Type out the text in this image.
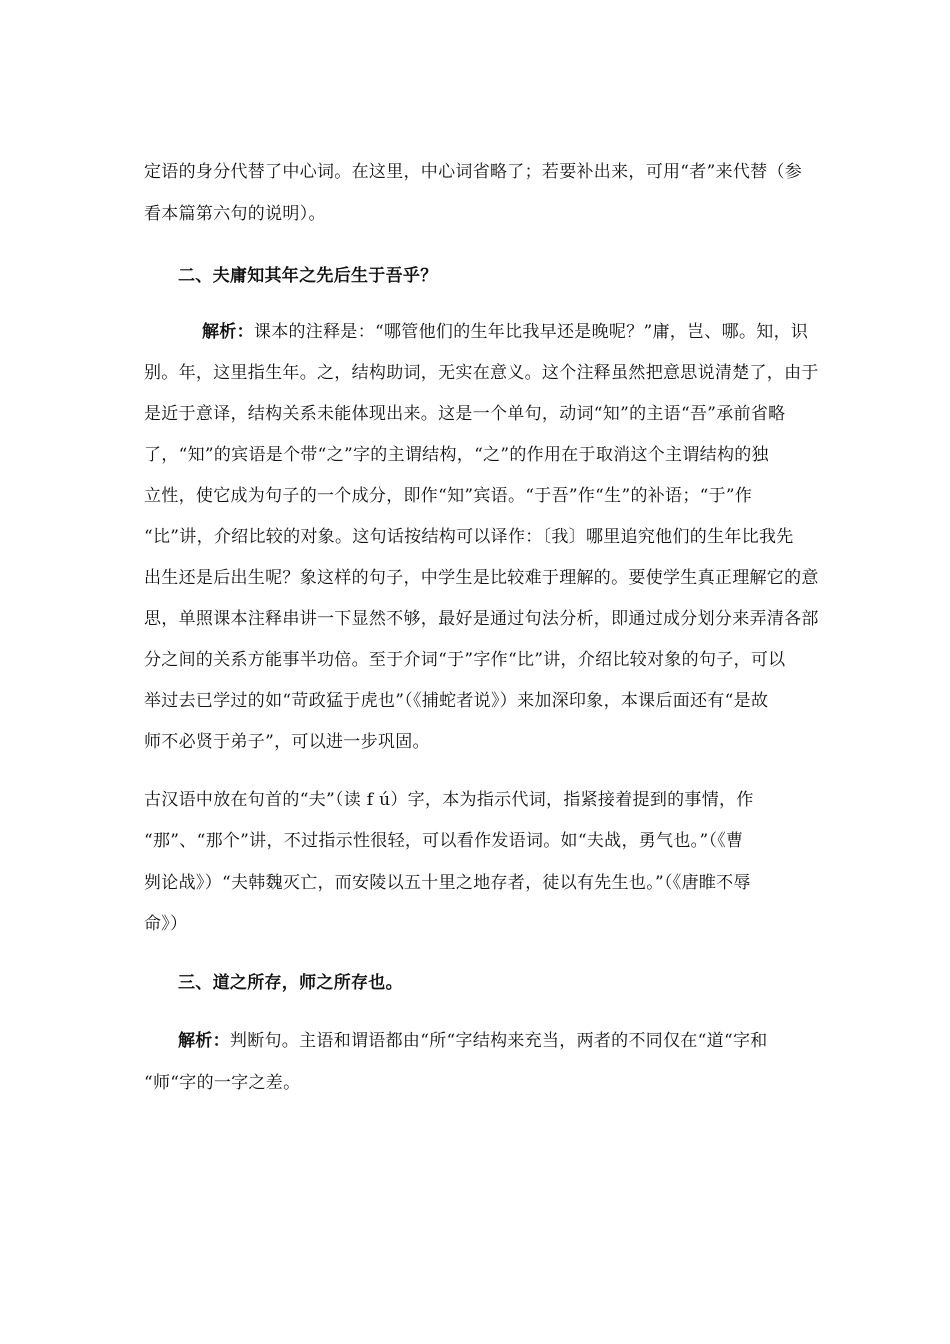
定语的身分代替了中心词。在这里，中心词省略了；若要补出来，可用“者”来代替（参
看本篇第六句的说明）。
二、夫庸知其年之先后生于吾乎？
解析：课本的注释是：“哪管他们的生年比我早还是晚呢？”庸，岂、哪。知，识
别。年，这里指生年。之，结构助词，无实在意义。这个注释虽然把意思说清楚了，由于
是近于意译，结构关系未能体现出来。这是一个单句，动词“知”的主语“吾”承前省略
了，“知”的宾语是个带“之”字的主谓结构，“之”的作用在于取消这个主谓结构的独
立性，使它成为句子的一个成分，即作“知”宾语。“于吾”作“生”的补语；“于”作
“比”讲，介绍比较的对象。这句话按结构可以译作：〔我〕哪里追究他们的生年比我先
出生还是后出生呢？象这样的句子，中学生是比较难于理解的。要使学生真正理解它的意
思，单照课本注释串讲一下显然不够，最好是通过句法分析，即通过成分划分来弄清各部
分之间的关系方能事半功倍。至于介词“于”字作“比”讲，介绍比较对象的句子，可以
举过去已学过的如“苛政猛于虎也”（《捕蛇者说》）来加深印象，本课后面还有“是故
师不必贤于弟子”，可以进一步巩固。
古汉语中放在句首的“夫”（读 f ú）字，本为指示代词，指紧接着提到的事情，作
“那”、“那个”讲，不过指示性很轻，可以看作发语词。如“夫战，勇气也。”（《曹
刿论战》）“夫韩魏灭亡，而安陵以五十里之地存者，徒以有先生也。”（《唐睢不辱
命》）
三、道之所存，师之所存也。
解析：判断句。主语和谓语都由“所“字结构来充当，两者的不同仅在“道“字和
“师“字的一字之差。
